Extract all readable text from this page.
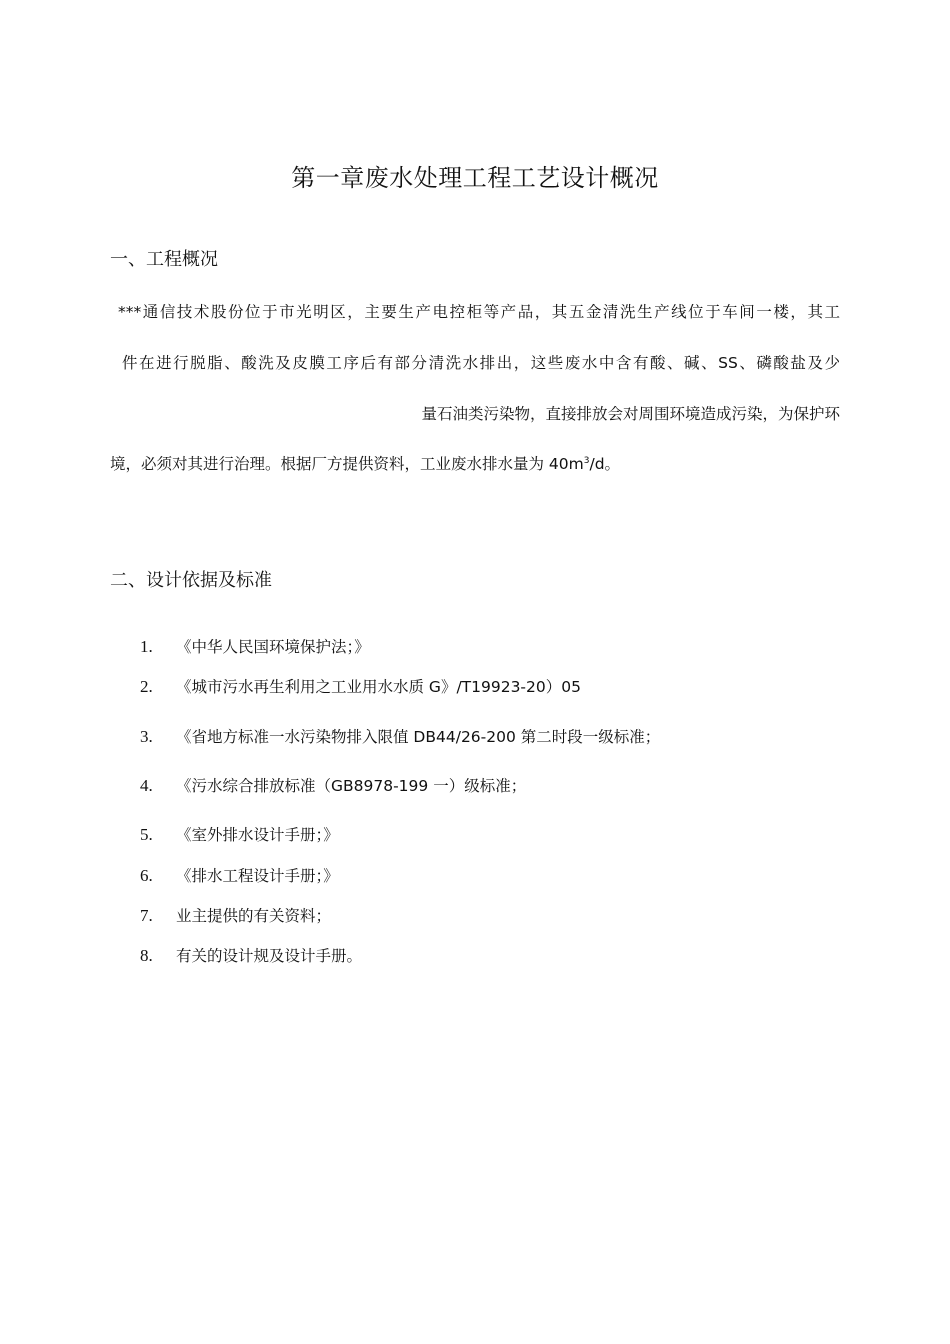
第一章废水处理工程工艺设计概况
一、工程概况
***通信技术股份位于市光明区，主要生产电控柜等产品，其五金清洗生产线位于车间一楼，其工
件在进行脱脂、酸洗及皮膜工序后有部分清洗水排出，这些废水中含有酸、碱、SS、磷酸盐及少
量石油类污染物，直接排放会对周围环境造成污染，为保护环
境，必须对其进行治理。根据厂方提供资料，工业废水排水量为 $40m^3/d$。
二、设计依据及标准
1. 《中华人民国环境保护法；》
2. 《城市污水再生利用之工业用水水质 G》/T19923-20）05
3. 《省地方标准一水污染物排入限值 DB44/26-200 第二时段一级标准；
4. 《污水综合排放标准（GB8978-199 一）级标准；
5. 《室外排水设计手册；》
6. 《排水工程设计手册；》
7. 业主提供的有关资料；
8. 有关的设计规及设计手册。
